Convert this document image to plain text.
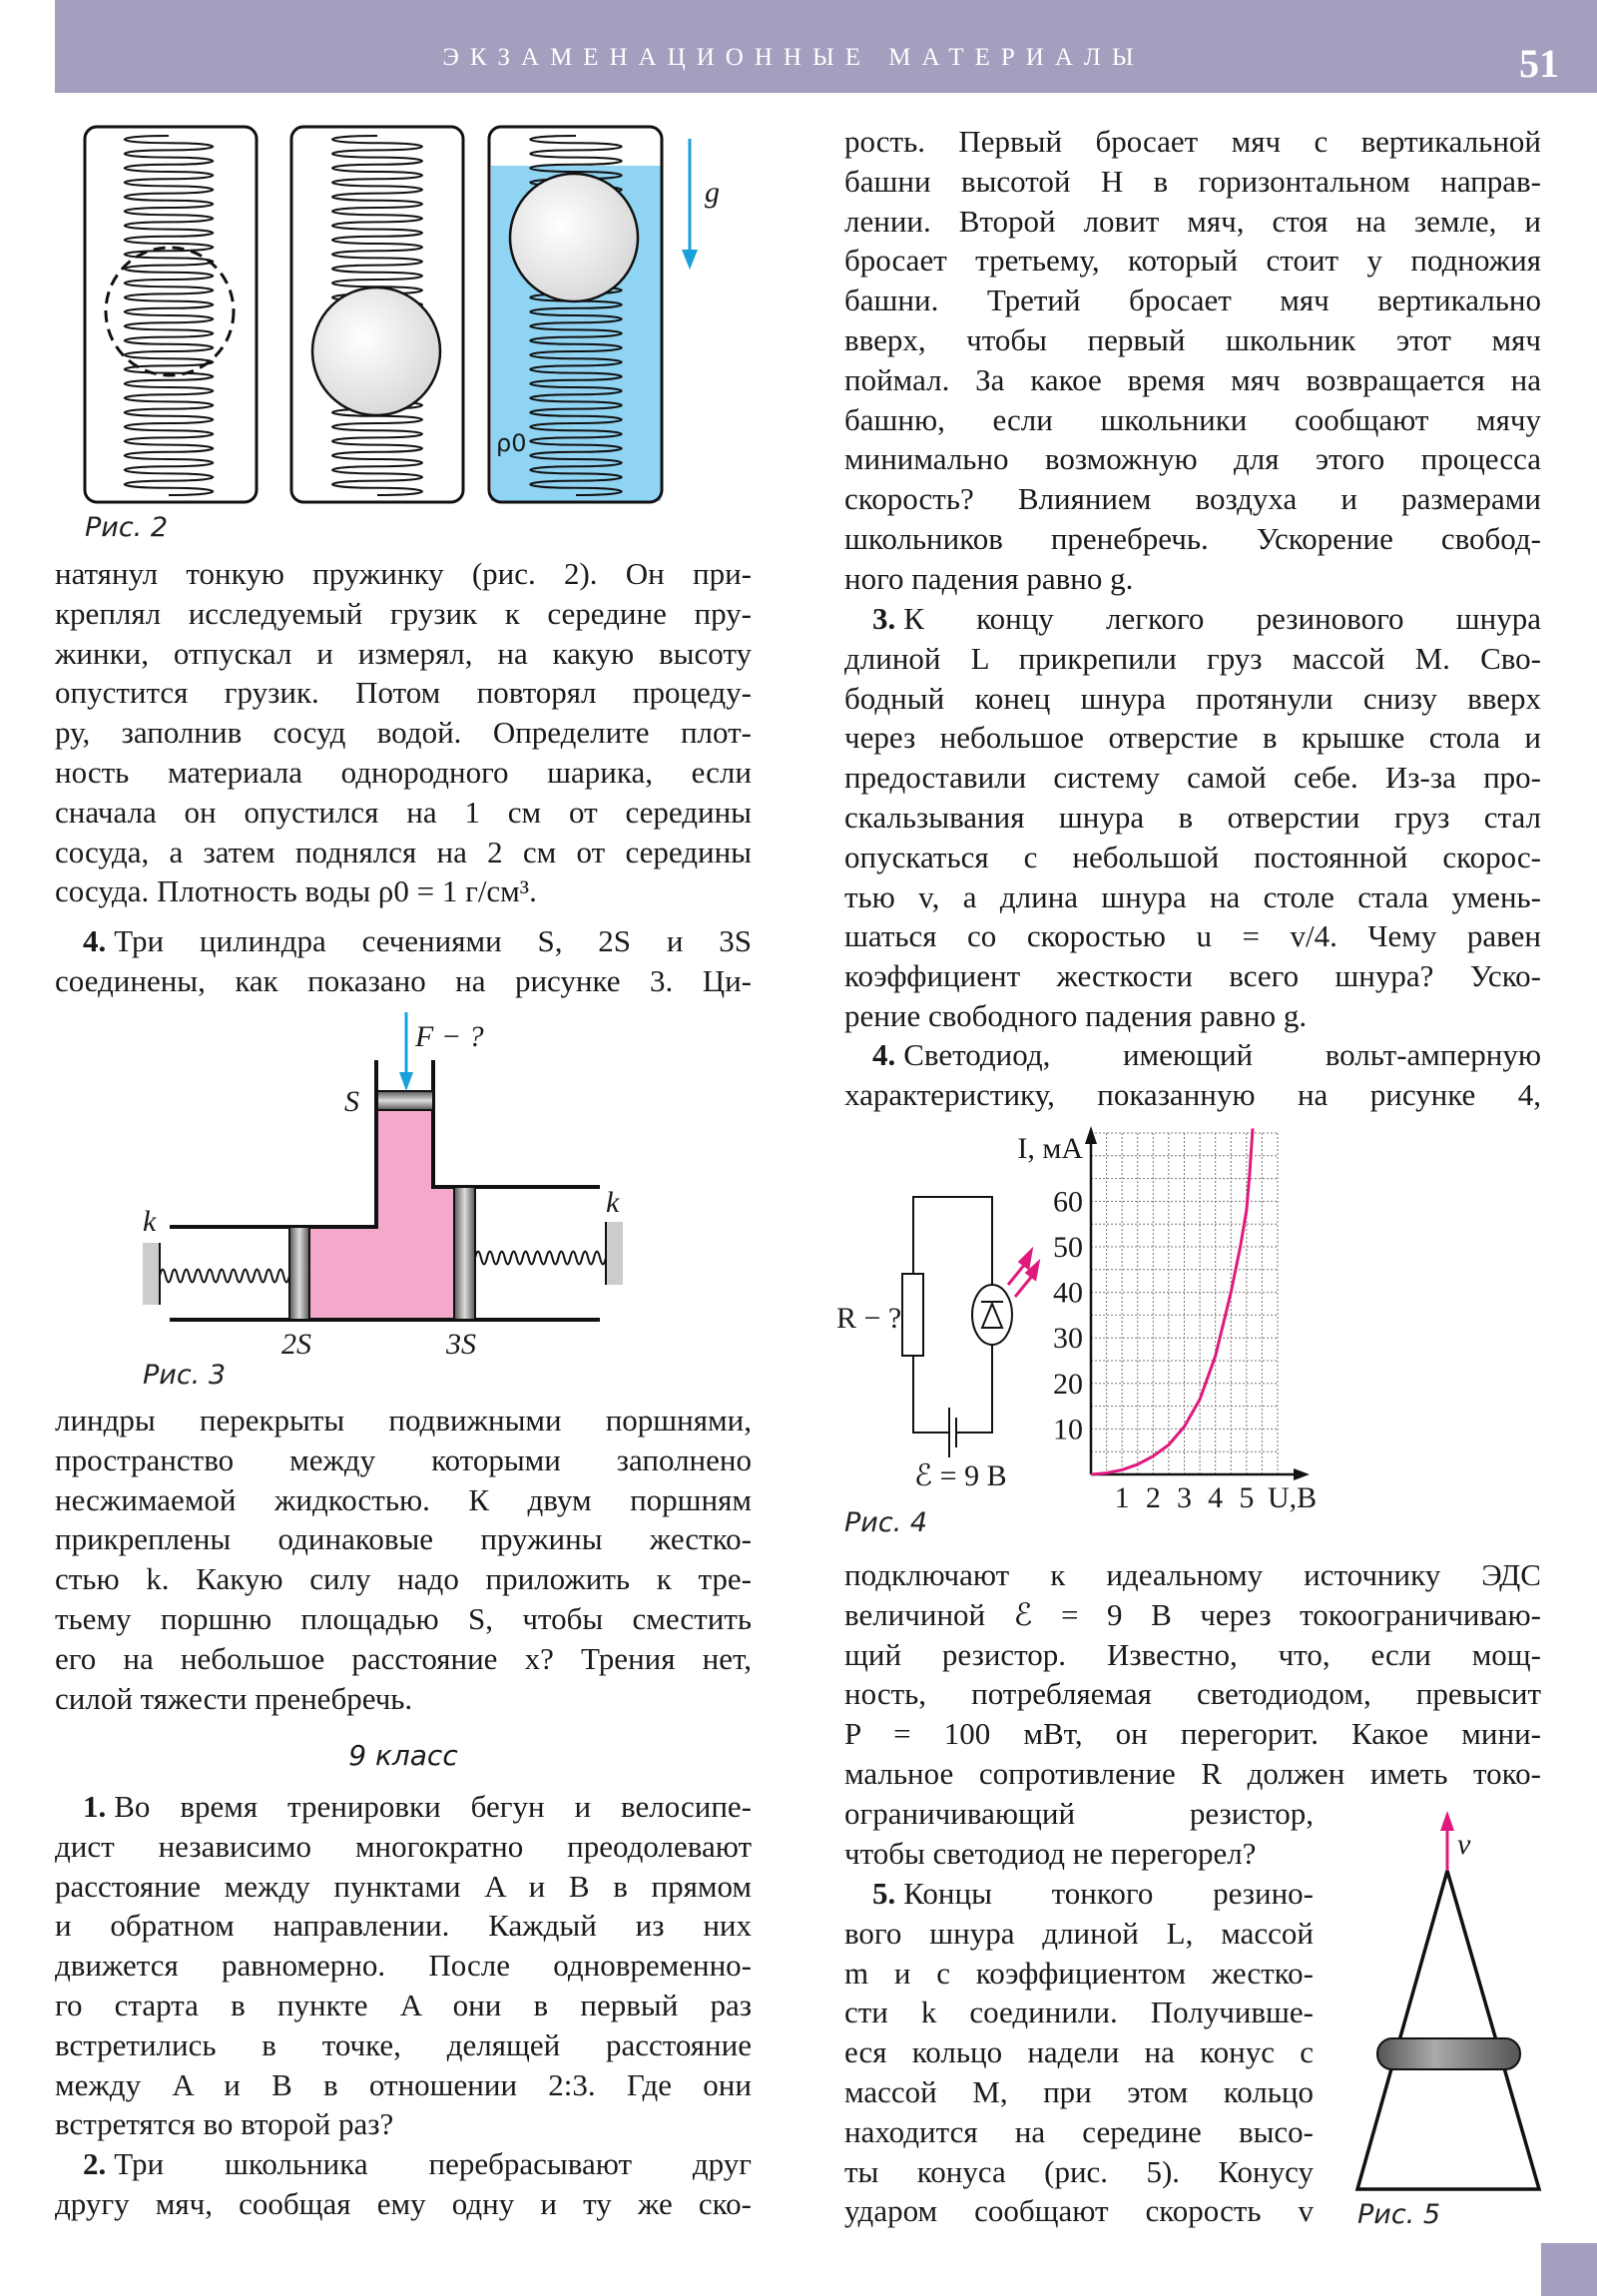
ЭКЗАМЕНАЦИОННЫЕ МАТЕРИАЛЫ	51
натянул тонкую пружинку (рис. 2). Он при-
креплял исследуемый грузик к середине пру-
жинки, отпускал и измерял, на какую высоту
опустится грузик. Потом повторял процеду-
ру, заполнив сосуд водой. Определите плот-
ность материала однородного шарика, если
сначала он опустился на 1 см от середины
сосуда, а затем поднялся на 2 см от середины
сосуда. Плотность воды ρ0 = 1 г/см³.
4. Три цилиндра сечениями S, 2S и 3S
соединены, как показано на рисунке 3. Ци-
линдры перекрыты подвижными поршнями,
пространство между которыми заполнено
несжимаемой жидкостью. К двум поршням
прикреплены одинаковые пружины жестко-
стью k. Какую силу надо приложить к тре-
тьему поршню площадью S, чтобы сместить
его на небольшое расстояние x? Трения нет,
силой тяжести пренебречь.
9 класс
1. Во время тренировки бегун и велосипе-
дист независимо многократно преодолевают
расстояние между пунктами A и B в прямом
и обратном направлении. Каждый из них
движется равномерно. После одновременно-
го старта в пункте A они в первый раз
встретились в точке, делящей расстояние
между A и B в отношении 2:3. Где они
встретятся во второй раз?
2. Три школьника перебрасывают друг
другу мяч, сообщая ему одну и ту же ско-
рость. Первый бросает мяч с вертикальной
башни высотой H в горизонтальном направ-
лении. Второй ловит мяч, стоя на земле, и
бросает третьему, который стоит у подножия
башни. Третий бросает мяч вертикально
вверх, чтобы первый школьник этот мяч
поймал. За какое время мяч возвращается на
башню, если школьники сообщают мячу
минимально возможную для этого процесса
скорость? Влиянием воздуха и размерами
школьников пренебречь. Ускорение свобод-
ного падения равно g.
3. К концу легкого резинового шнура
длиной L прикрепили груз массой M. Сво-
бодный конец шнура протянули снизу вверх
через небольшое отверстие в крышке стола и
предоставили систему самой себе. Из-за про-
скальзывания шнура в отверстии груз стал
опускаться с небольшой постоянной скорос-
тью v, а длина шнура на столе стала умень-
шаться со скоростью u = v/4. Чему равен
коэффициент жесткости всего шнура? Уско-
рение свободного падения равно g.
4. Светодиод, имеющий вольт-амперную
характеристику, показанную на рисунке 4,
подключают к идеальному источнику ЭДС
величиной ℰ = 9 В через токоограничиваю-
щий резистор. Известно, что, если мощ-
ность, потребляемая светодиодом, превысит
P = 100 мВт, он перегорит. Какое мини-
мальное сопротивление R должен иметь токо-
ограничивающий резистор,
чтобы светодиод не перегорел?
5. Концы тонкого резино-
вого шнура длиной L, массой
m и с коэффициентом жестко-
сти k соединили. Получивше-
еся кольцо надели на конус с
массой M, при этом кольцо
находится на середине высо-
ты конуса (рис. 5). Конусу
ударом сообщают скорость v
g
ρ0
F − ?
S
2S	3S
k
k
R − ?
ℰ = 9 В
1 2 3 4 5
10
20
30
40
50
60
I, мА
U,В
v
Рис. 2
Рис. 3
Рис. 4
Рис. 5
